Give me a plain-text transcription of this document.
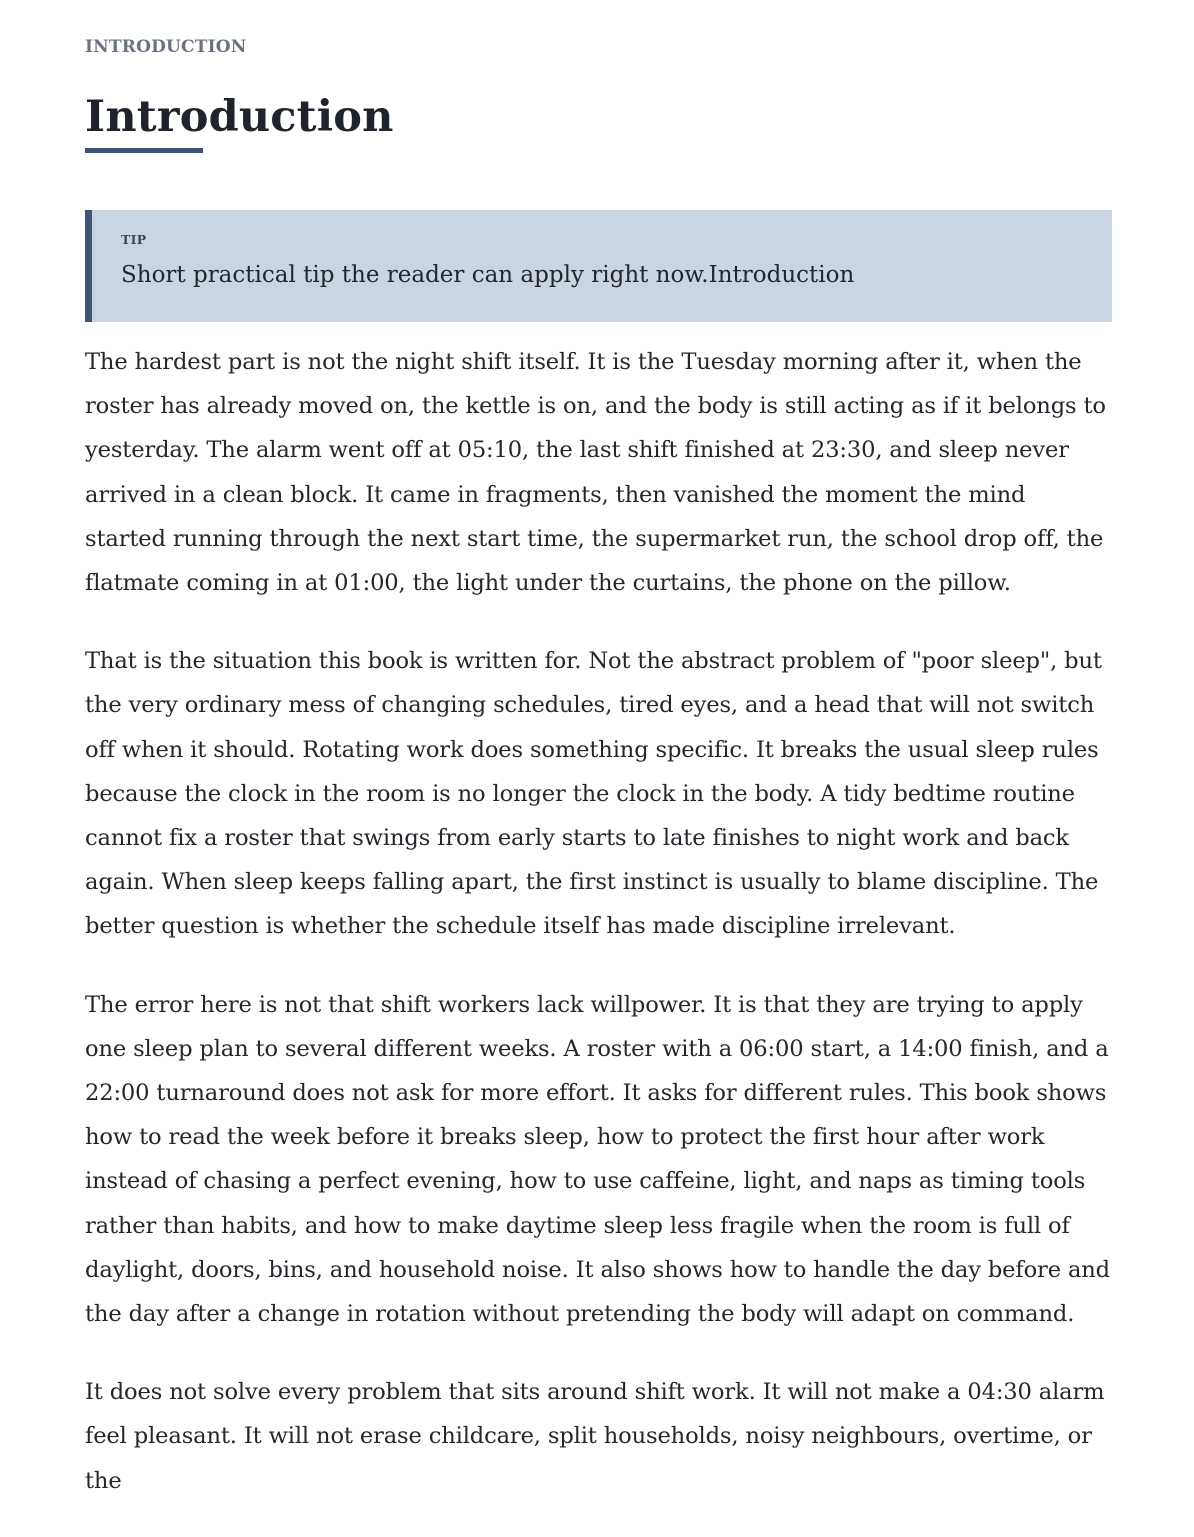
INTRODUCTION
Introduction
TIP
Short practical tip the reader can apply right now.Introduction

The hardest part is not the night shift itself. It is the Tuesday morning after it, when the roster has already moved on, the kettle is on, and the body is still acting as if it belongs to yesterday. The alarm went off at 05:10, the last shift finished at 23:30, and sleep never arrived in a clean block. It came in fragments, then vanished the moment the mind started running through the next start time, the supermarket run, the school drop off, the flatmate coming in at 01:00, the light under the curtains, the phone on the pillow.

That is the situation this book is written for. Not the abstract problem of "poor sleep", but the very ordinary mess of changing schedules, tired eyes, and a head that will not switch off when it should. Rotating work does something specific. It breaks the usual sleep rules because the clock in the room is no longer the clock in the body. A tidy bedtime routine cannot fix a roster that swings from early starts to late finishes to night work and back again. When sleep keeps falling apart, the first instinct is usually to blame discipline. The better question is whether the schedule itself has made discipline irrelevant.

The error here is not that shift workers lack willpower. It is that they are trying to apply one sleep plan to several different weeks. A roster with a 06:00 start, a 14:00 finish, and a 22:00 turnaround does not ask for more effort. It asks for different rules. This book shows how to read the week before it breaks sleep, how to protect the first hour after work instead of chasing a perfect evening, how to use caffeine, light, and naps as timing tools rather than habits, and how to make daytime sleep less fragile when the room is full of daylight, doors, bins, and household noise. It also shows how to handle the day before and the day after a change in rotation without pretending the body will adapt on command.

It does not solve every problem that sits around shift work. It will not make a 04:30 alarm feel pleasant. It will not erase childcare, split households, noisy neighbours, overtime, or the
